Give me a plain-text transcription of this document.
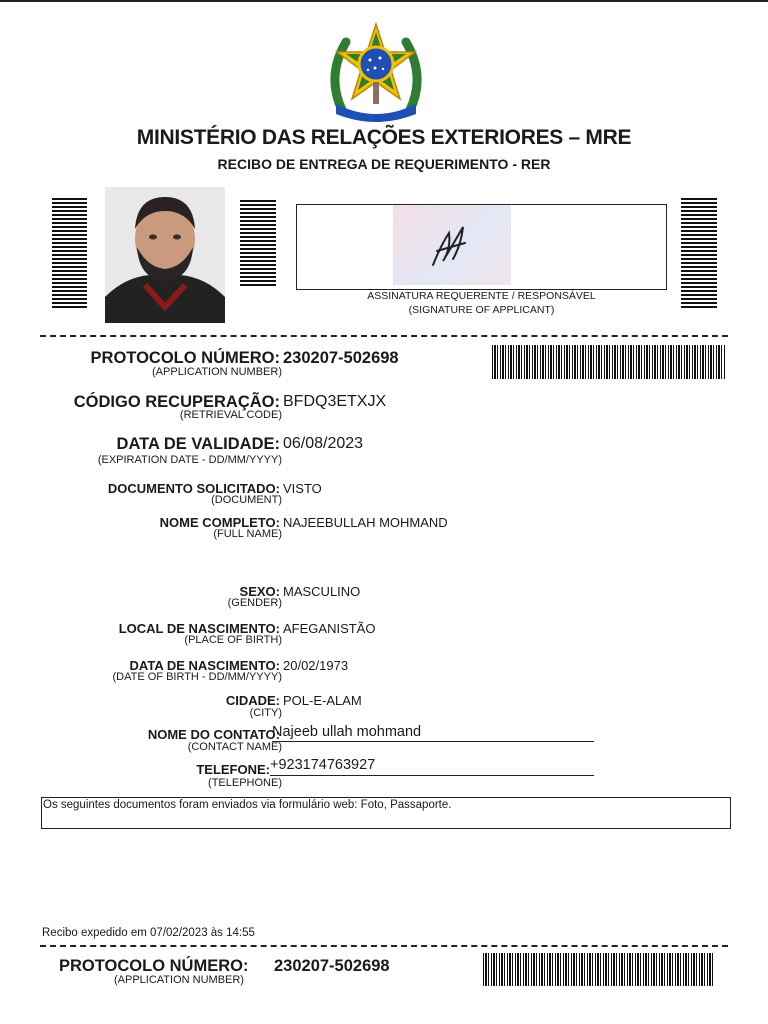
MINISTÉRIO DAS RELAÇÕES EXTERIORES – MRE
RECIBO DE ENTREGA DE REQUERIMENTO - RER
ASSINATURA REQUERENTE / RESPONSÁVEL
(SIGNATURE OF APPLICANT)
PROTOCOLO NÚMERO:
(APPLICATION NUMBER)
230207-502698
CÓDIGO RECUPERAÇÃO:
(RETRIEVAL CODE)
BFDQ3ETXJX
DATA DE VALIDADE:
(EXPIRATION DATE - DD/MM/YYYY)
06/08/2023
DOCUMENTO SOLICITADO:
(DOCUMENT)
VISTO
NOME COMPLETO:
(FULL NAME)
NAJEEBULLAH MOHMAND
SEXO:
(GENDER)
MASCULINO
LOCAL DE NASCIMENTO:
(PLACE OF BIRTH)
AFEGANISTÃO
DATA DE NASCIMENTO:
(DATE OF BIRTH - DD/MM/YYYY)
20/02/1973
CIDADE:
(CITY)
POL-E-ALAM
NOME DO CONTATO:
(CONTACT NAME)
Najeeb ullah mohmand
TELEFONE:
(TELEPHONE)
+923174763927
Os seguintes documentos foram enviados via formulário web: Foto, Passaporte.
Recibo expedido em 07/02/2023 às 14:55
PROTOCOLO NÚMERO:
(APPLICATION NUMBER)
230207-502698
